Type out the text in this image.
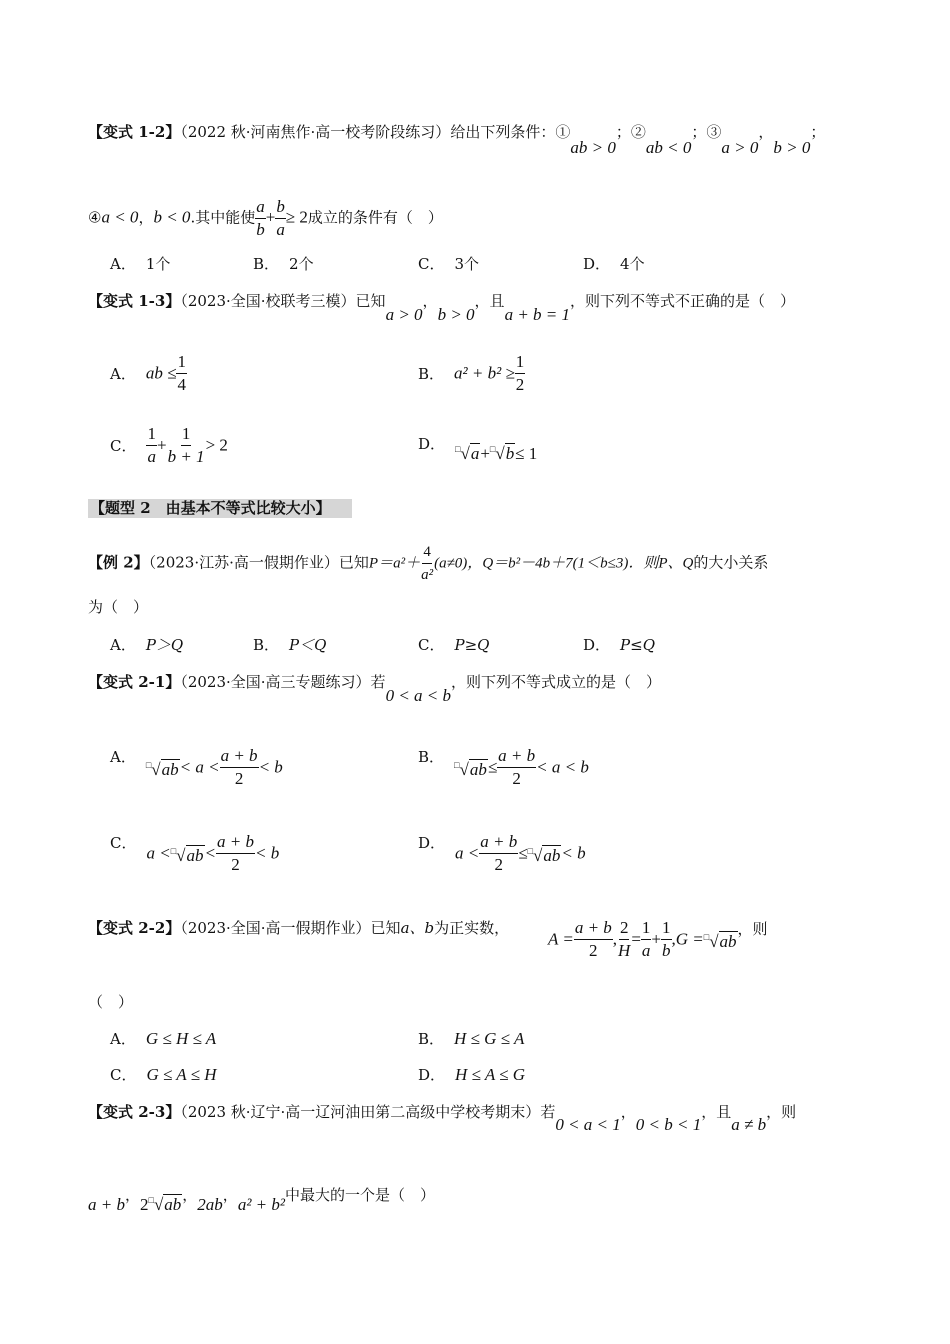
【变式 1-2】（2022 秋·河南焦作·高一校考阶段练习）给出下列条件：①ab > 0；②ab < 0；③a > 0，b > 0；
④a < 0，b < 0.其中能使 $\frac{a}{b} + \frac{b}{a} \ge 2$成立的条件有（　）
A． 1个	B． 2个	C． 3个	D． 4个
【变式 1-3】（2023·全国·校联考三模）已知a > 0，b > 0，且a + b = 1，则下列不等式不正确的是（　）
A． ab ≤ $\frac{1}{4}$	B． $a^2 + b^2 \ge \frac{1}{2}$
C． $\frac{1}{a} + \frac{1}{b + 1} > 2$	D． □√a+□√b≤ 1
【题型 2　由基本不等式比较大小】
【例 2】（2023·江苏·高一假期作业）已知$P=a^2+ \frac{4}{\text{a²}} (a\ne 0)$，Q＝b²－4b＋7(1＜b≤3)．则P、Q的大小关系
为（　）
A． P＞Q	B． P＜Q	C． P≥Q	D． P≤Q
【变式 2-1】（2023·全国·高三专题练习）若0 < a < b，则下列不等式成立的是（　）
A． $^□√ab< a < \frac{a + b}{2} < b$
B． $^□√ab\le \frac{a + b}{2} < a < b$
C．$a <^□√ab< \frac{a + b}{2} < b$
D．$a < \frac{a + b}{2} \le^□√ab< b$
【变式 2-2】（2023·全国·高一假期作业）已知a、b为正实数，
$A = \frac{a + b}{2}$ , $\frac{2}{H} = \frac{1}{a} + \frac{1}{b} ,G =^□√ab$，则
（　）
A． G ≤ H ≤ A	B． H ≤ G ≤ A
C． G ≤ A ≤ H	D． H ≤ A ≤ G
【变式 2-3】（2023 秋·辽宁·高一辽河油田第二高级中学校考期末）若0 < a < 1，0 < b < 1，且a ≠ b，则
a + b，2□√ab，2ab，a² + b²中最大的一个是（　）
